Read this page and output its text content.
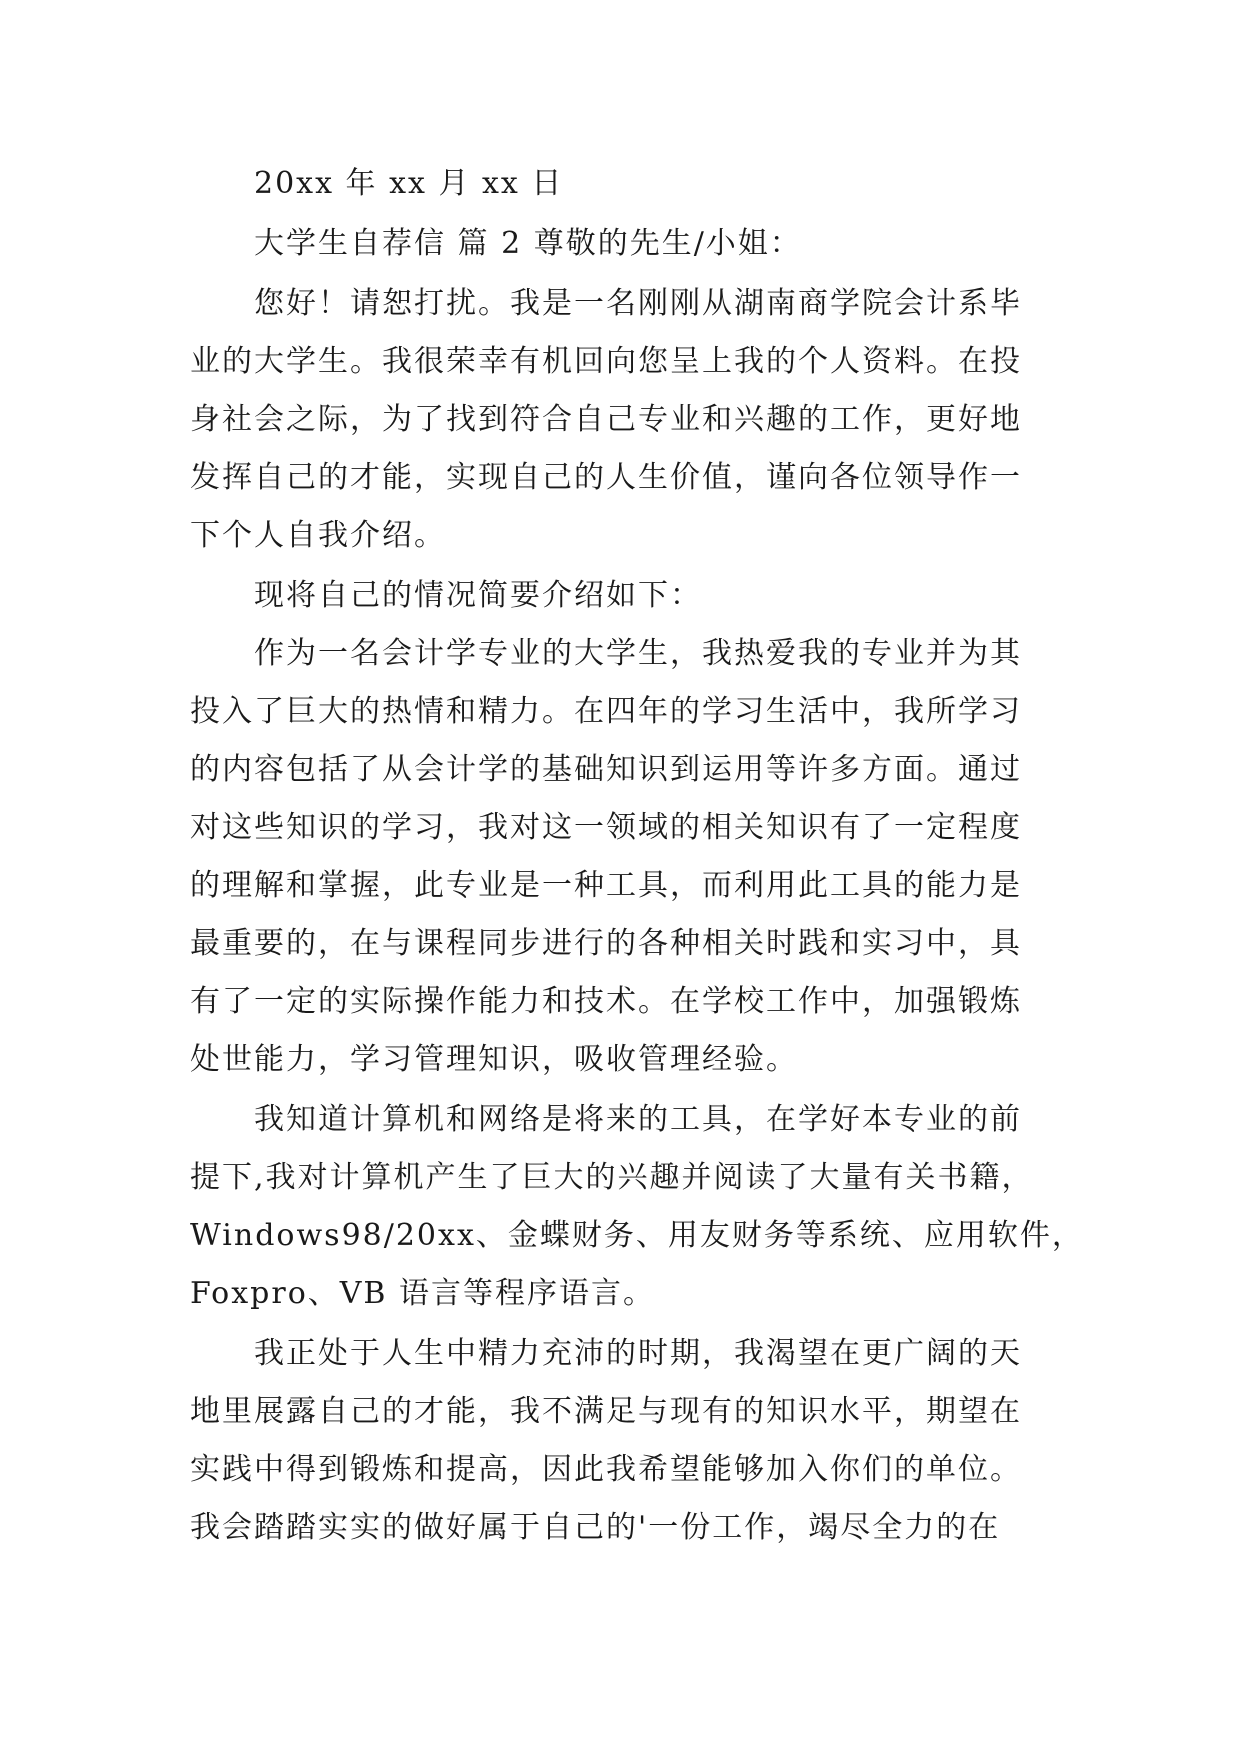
20xx 年 xx 月 xx 日
大学生自荐信 篇 2 尊敬的先生/小姐：
您好！请恕打扰。我是一名刚刚从湖南商学院会计系毕
业的大学生。我很荣幸有机回向您呈上我的个人资料。在投
身社会之际，为了找到符合自己专业和兴趣的工作，更好地
发挥自己的才能，实现自己的人生价值，谨向各位领导作一
下个人自我介绍。
现将自己的情况简要介绍如下：
作为一名会计学专业的大学生，我热爱我的专业并为其
投入了巨大的热情和精力。在四年的学习生活中，我所学习
的内容包括了从会计学的基础知识到运用等许多方面。通过
对这些知识的学习，我对这一领域的相关知识有了一定程度
的理解和掌握，此专业是一种工具，而利用此工具的能力是
最重要的，在与课程同步进行的各种相关时践和实习中，具
有了一定的实际操作能力和技术。在学校工作中，加强锻炼
处世能力，学习管理知识，吸收管理经验。
我知道计算机和网络是将来的工具，在学好本专业的前
提下,我对计算机产生了巨大的兴趣并阅读了大量有关书籍，
Windows98/20xx、金蝶财务、用友财务等系统、应用软件，
Foxpro、VB 语言等程序语言。
我正处于人生中精力充沛的时期，我渴望在更广阔的天
地里展露自己的才能，我不满足与现有的知识水平，期望在
实践中得到锻炼和提高，因此我希望能够加入你们的单位。
我会踏踏实实的做好属于自己的'一份工作，竭尽全力的在
